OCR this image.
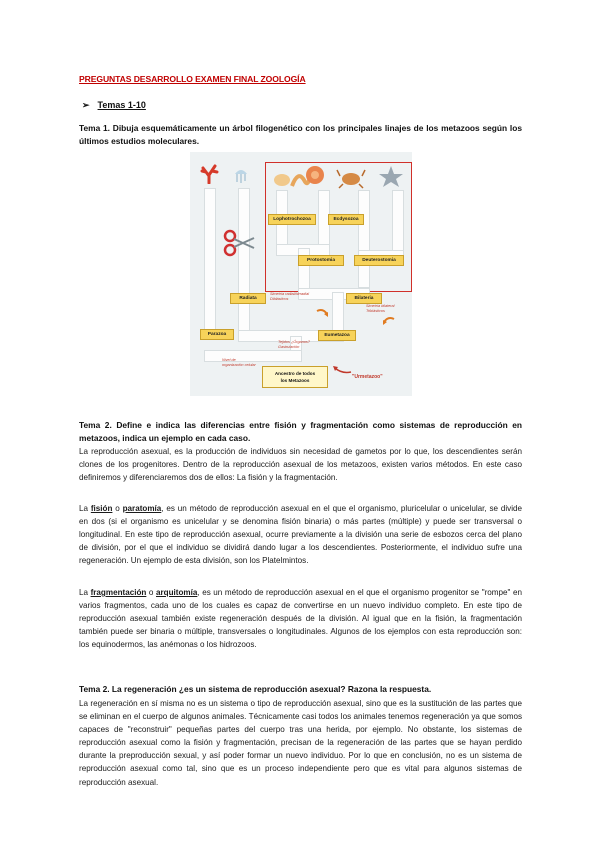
PREGUNTAS DESARROLLO EXAMEN FINAL ZOOLOGÍA
➢ Temas 1-10
Tema 1. Dibuja esquemáticamente un árbol filogenético con los principales linajes de los metazoos según los últimos estudios moleculares.
Lophotrochozoa	Ecdysozoa
Protostomia	Deuterostomia
Radiata	Bilateria
Parazoa	Eumetazoa
Ancestro de todos
los Metazoos
Simetría radial/birradial Diblásticos
Simetría bilateral Triblásticos
Tejidos ¿Órganos? Gastrulación
Nivel de organización celular
"Urmetazoo"
Tema 2. Define e indica las diferencias entre fisión y fragmentación como sistemas de reproducción en metazoos, indica un ejemplo en cada caso.
La reproducción asexual, es la producción de individuos sin necesidad de gametos por lo que, los descendientes serán clones de los progenitores. Dentro de la reproducción asexual de los metazoos, existen varios métodos. En este caso definiremos y diferenciaremos dos de ellos: La fisión y la fragmentación.
La fisión o paratomía, es un método de reproducción asexual en el que el organismo, pluricelular o unicelular, se divide en dos (si el organismo es unicelular y se denomina fisión binaria) o más partes (múltiple) y puede ser transversal o longitudinal. En este tipo de reproducción asexual, ocurre previamente a la división una serie de esbozos cerca del plano de división, por el que el individuo se dividirá dando lugar a los descendientes. Posteriormente, el individuo sufre una regeneración. Un ejemplo de esta división, son los Platelmintos.
La fragmentación o arquitomía, es un método de reproducción asexual en el que el organismo progenitor se "rompe" en varios fragmentos, cada uno de los cuales es capaz de convertirse en un nuevo individuo completo. En este tipo de reproducción asexual también existe regeneración después de la división. Al igual que en la fisión, la fragmentación también puede ser binaria o múltiple, transversales o longitudinales. Algunos de los ejemplos con esta reproducción son: los equinodermos, las anémonas o los hidrozoos.
Tema 2. La regeneración ¿es un sistema de reproducción asexual? Razona la respuesta.
La regeneración en sí misma no es un sistema o tipo de reproducción asexual, sino que es la sustitución de las partes que se eliminan en el cuerpo de algunos animales. Técnicamente casi todos los animales tenemos regeneración ya que somos capaces de "reconstruir" pequeñas partes del cuerpo tras una herida, por ejemplo. No obstante, los sistemas de reproducción asexual como la fisión y fragmentación, precisan de la regeneración de las partes que se hayan perdido durante la preproducción sexual, y así poder formar un nuevo individuo. Por lo que en conclusión, no es un sistema de reproducción asexual como tal, sino que es un proceso independiente pero que es vital para algunos sistemas de reproducción asexual.
